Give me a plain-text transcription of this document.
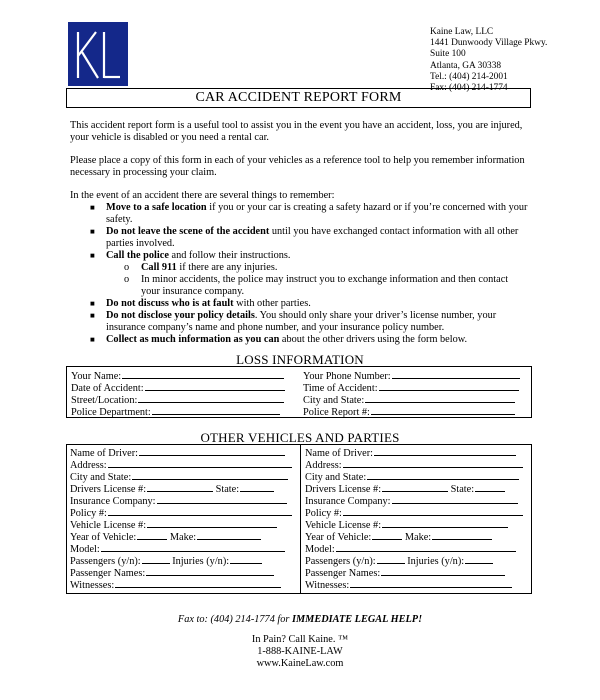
KL
Kaine Law, LLC
1441 Dunwoody Village Pkwy.
Suite 100
Atlanta, GA 30338
Tel.: (404) 214-2001
Fax: (404) 214-1774
CAR ACCIDENT REPORT FORM
This accident report form is a useful tool to assist you in the event you have an accident, loss, you are injured, your vehicle is disabled or you need a rental car.
Please place a copy of this form in each of your vehicles as a reference tool to help you remember information necessary in processing your claim.
In the event of an accident there are several things to remember:
■ Move to a safe location if you or your car is creating a safety hazard or if you’re concerned with your safety.
■ Do not leave the scene of the accident until you have exchanged contact information with all other parties involved.
■ Call the police and follow their instructions.
o Call 911 if there are any injuries.
o In minor accidents, the police may instruct you to exchange information and then contact your insurance company.
■ Do not discuss who is at fault with other parties.
■ Do not disclose your policy details. You should only share your driver’s license number, your insurance company’s name and phone number, and your insurance policy number.
■ Collect as much information as you can about the other drivers using the form below.
LOSS INFORMATION
Your Name:	Your Phone Number:
Date of Accident:	Time of Accident:
Street/Location:	City and State:
Police Department:	Police Report #:
OTHER VEHICLES AND PARTIES
Name of Driver:
Address:
City and State:
Drivers License #:	State:
Insurance Company:
Policy #:
Vehicle License #:
Year of Vehicle:	Make:
Model:
Passengers (y/n):	Injuries (y/n):
Passenger Names:
Witnesses:
Name of Driver:
Address:
City and State:
Drivers License #:	State:
Insurance Company:
Policy #:
Vehicle License #:
Year of Vehicle:	Make:
Model:
Passengers (y/n):	Injuries (y/n):
Passenger Names:
Witnesses:
Fax to: (404) 214-1774 for IMMEDIATE LEGAL HELP!
In Pain? Call Kaine. ™
1-888-KAINE-LAW
www.KaineLaw.com
